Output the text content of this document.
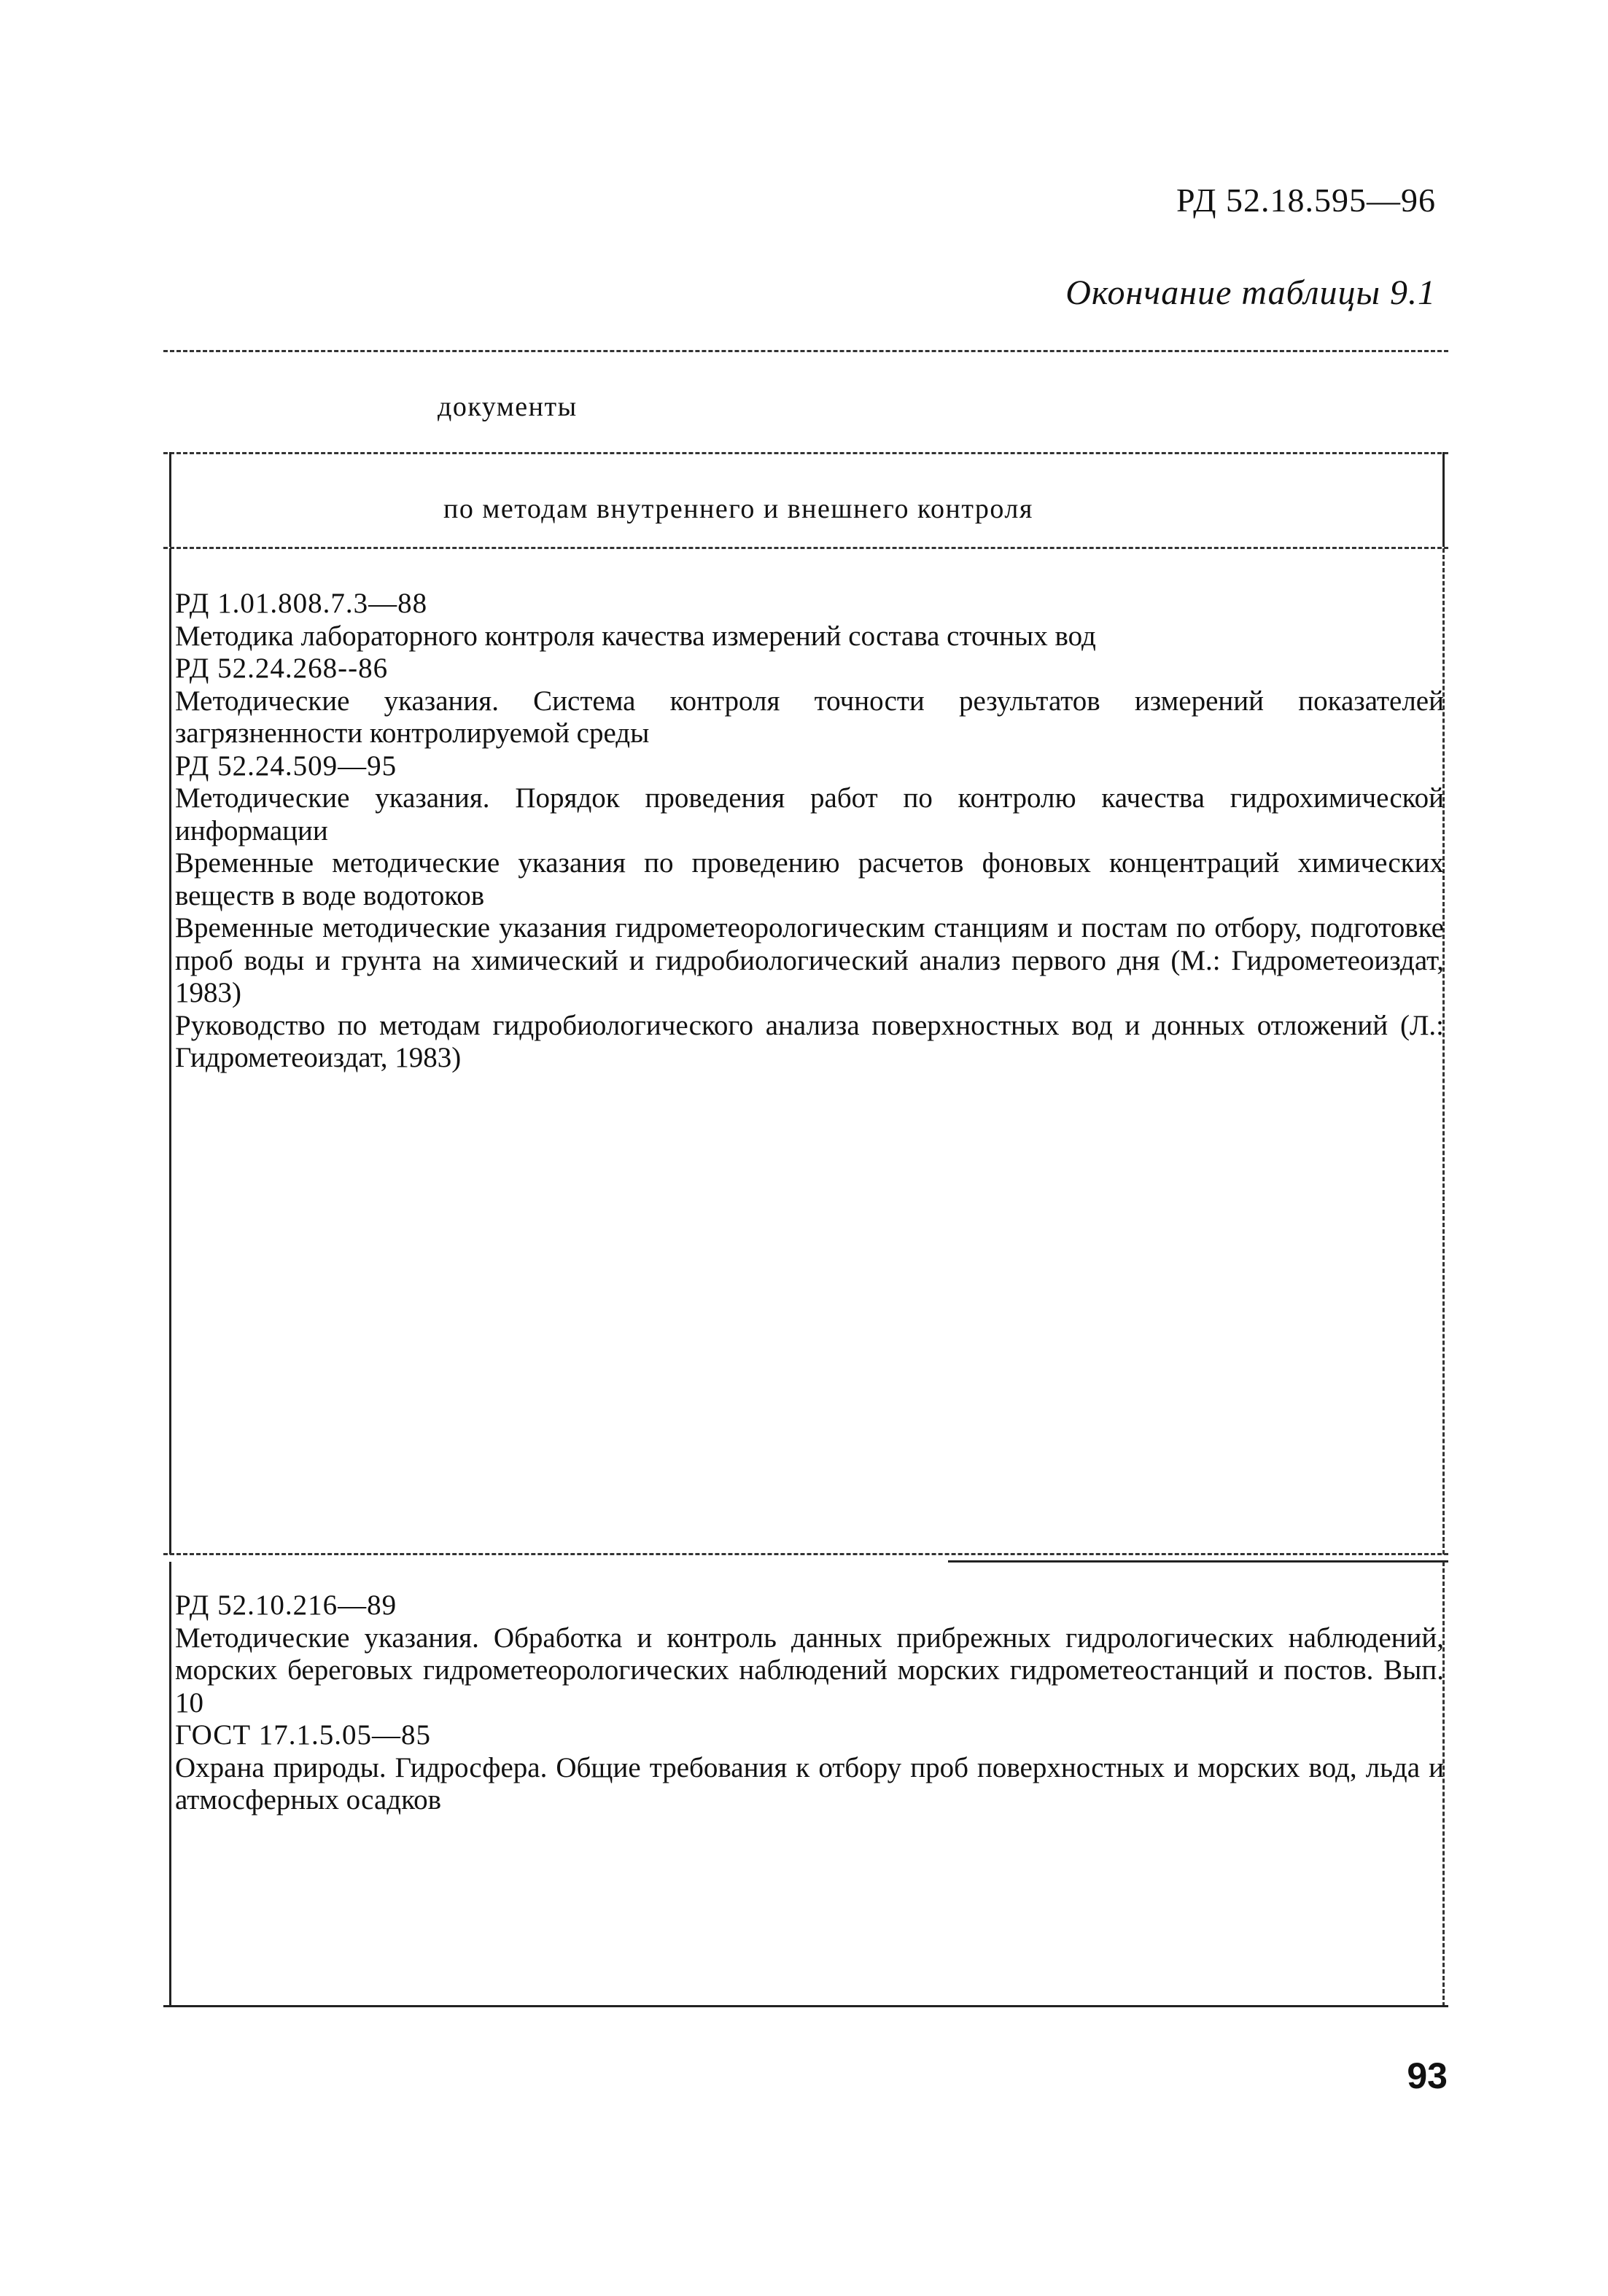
РД 52.18.595—96
Окончание таблицы 9.1
документы
по методам внутреннего и внешнего контроля
РД 1.01.808.7.3—88
Методика лабораторного контроля качества измерений состава сточных вод
РД 52.24.268--86
Методические указания. Система контроля точности результатов измерений показателей загрязненности контролируемой среды
РД 52.24.509—95
Методические указания. Порядок проведения работ по контролю качества гидрохимической информации
Временные методические указания по проведению расчетов фоновых концентраций химических веществ в воде водотоков
Временные методические указания гидрометеорологическим станциям и постам по отбору, подготовке проб воды и грунта на химический и гидробиологический анализ первого дня (М.: Гидрометеоиздат, 1983)
Руководство по методам гидробиологического анализа поверхностных вод и донных отложений (Л.: Гидрометеоиздат, 1983)
РД 52.10.216—89
Методические указания. Обработка и контроль данных прибрежных гидрологических наблюдений, морских береговых гидрометеорологических наблюдений морских гидрометеостанций и постов. Вып. 10
ГОСТ 17.1.5.05—85
Охрана природы. Гидросфера. Общие требования к отбору проб поверхностных и морских вод, льда и атмосферных осадков
93
